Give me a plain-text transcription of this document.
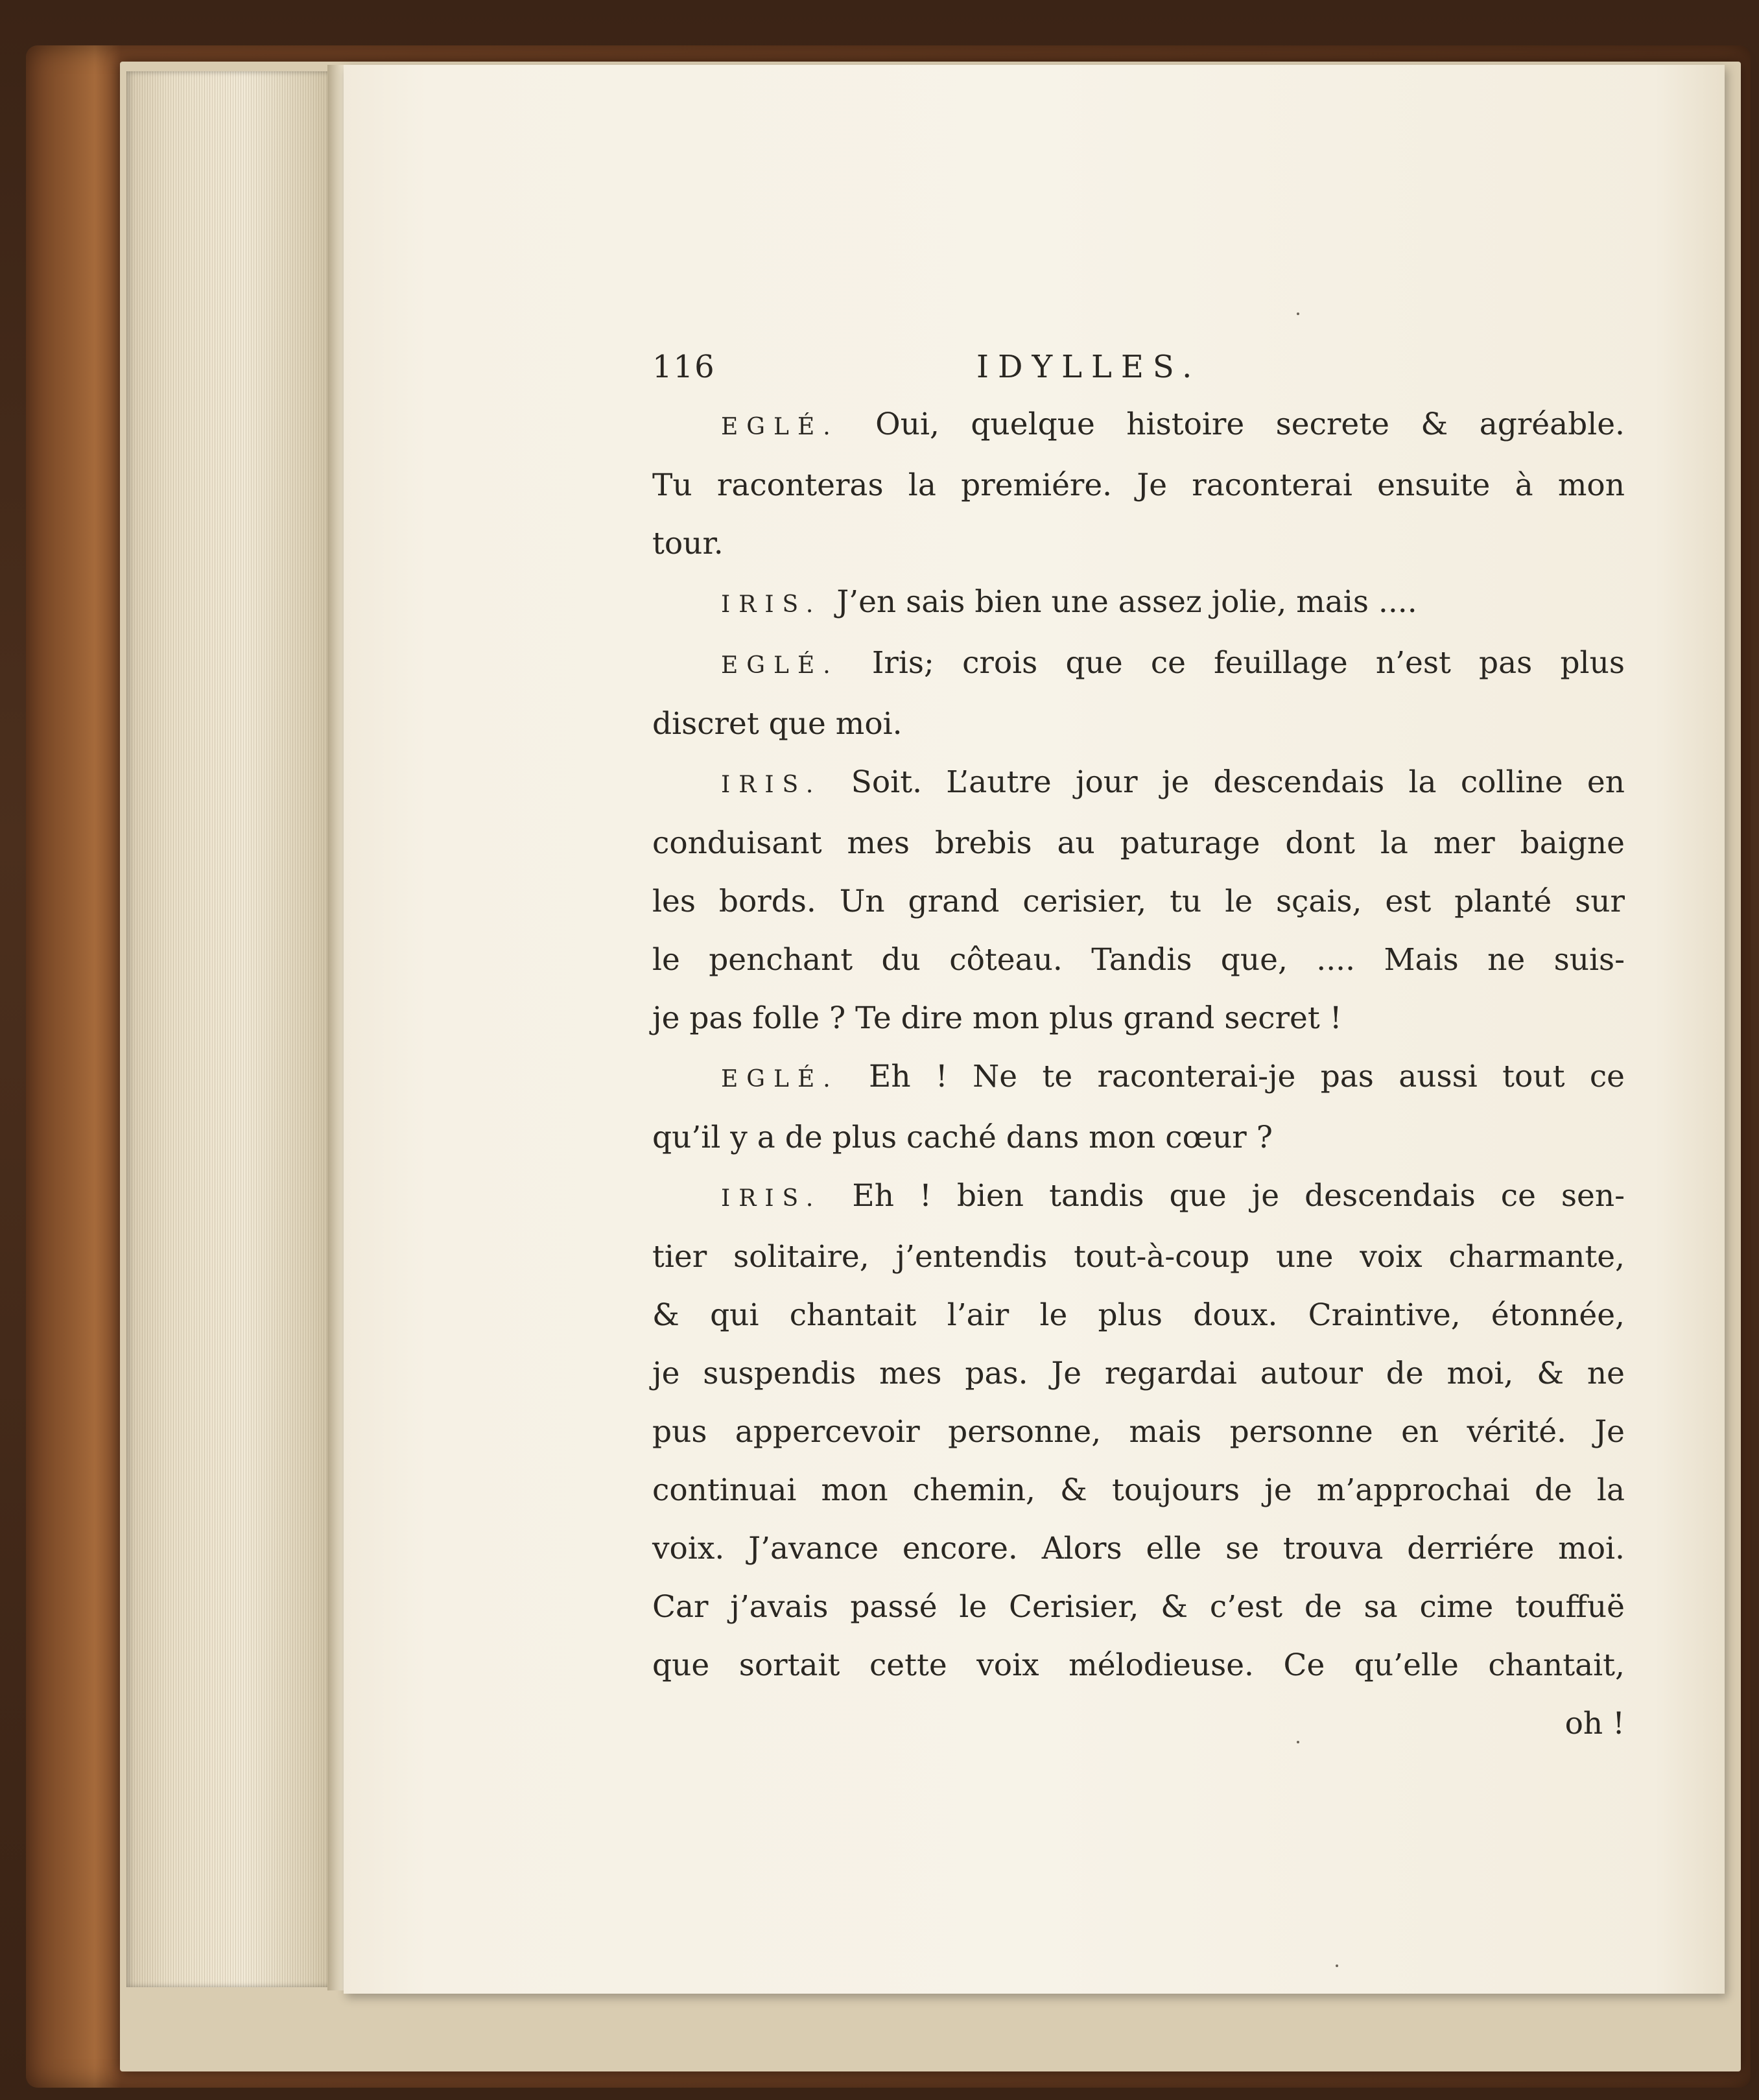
116	IDYLLES.

EGLÉ. Oui, quelque histoire secrete & agréable.

Tu raconteras la premiére. Je raconterai ensuite à mon

tour.

IRIS. J’en sais bien une assez jolie, mais ....

EGLÉ. Iris; crois que ce feuillage n’est pas plus

discret que moi.

IRIS. Soit. L’autre jour je descendais la colline en

conduisant mes brebis au paturage dont la mer baigne

les bords. Un grand cerisier, tu le sçais, est planté sur

le penchant du côteau. Tandis que, .... Mais ne suis-

je pas folle ? Te dire mon plus grand secret !

EGLÉ. Eh ! Ne te raconterai-je pas aussi tout ce

qu’il y a de plus caché dans mon cœur ?

IRIS. Eh ! bien tandis que je descendais ce sen-

tier solitaire, j’entendis tout-à-coup une voix charmante,

& qui chantait l’air le plus doux. Craintive, étonnée,

je suspendis mes pas. Je regardai autour de moi, & ne

pus appercevoir personne, mais personne en vérité. Je

continuai mon chemin, & toujours je m’approchai de la

voix. J’avance encore. Alors elle se trouva derriére moi.

Car j’avais passé le Cerisier, & c’est de sa cime touffuë

que sortait cette voix mélodieuse. Ce qu’elle chantait,

oh !
